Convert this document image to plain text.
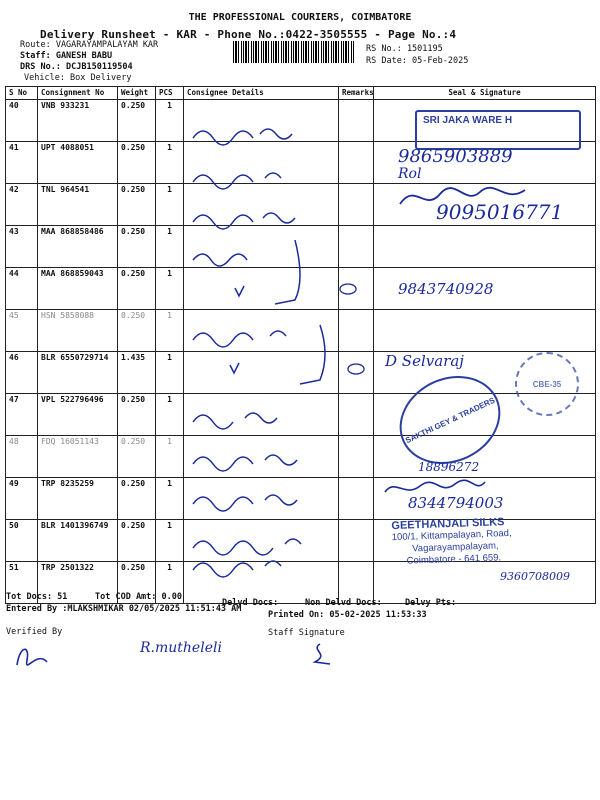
THE PROFESSIONAL COURIERS, COIMBATORE
Delivery Runsheet - KAR - Phone No.:0422-3505555 - Page No.:4
Route: VAGARAYAMPALAYAM KAR
Staff: GANESH BABU
DRS No.: DCJB150119504
Vehicle: Box Delivery
RS No.: 1501195
RS Date: 05-Feb-2025
S No	Consignment No	Weight	PCS	Consignee Details	Remarks	Seal & Signature
40	VNB 933231	0.250	1			
41	UPT 4088051	0.250	1			
42	TNL 964541	0.250	1			
43	MAA 868858486	0.250	1			
44	MAA 868859043	0.250	1			
45	HSN 5858088	0.250	1			
46	BLR 6550729714	1.435	1			
47	VPL 522796496	0.250	1			
48	FDQ 16051143	0.250	1			
49	TRP 8235259	0.250	1			
50	BLR 1401396749	0.250	1			
51	TRP 2501322	0.250	1			
SRI JAKA WARE H
9865903889
Rol
9095016771
9843740928
D Selvaraj
SAKTHI GEY & TRADERS
CBE-35
18896272
8344794003
GEETHANJALI SILKS
100/1, Kittampalayan, Road,
Vagarayampalayam,
Coimbatore - 641 659.
9360708009
Tot Docs: 51	Tot COD Amt: 0.00
Delvd Docs:	Non Delvd Docs:	Delvy Pts:
Entered By :MLAKSHMIKAR 02/05/2025 11:51:43 AM
Printed On: 05-02-2025 11:53:33
Verified By	Staff Signature
R.mutheleli
